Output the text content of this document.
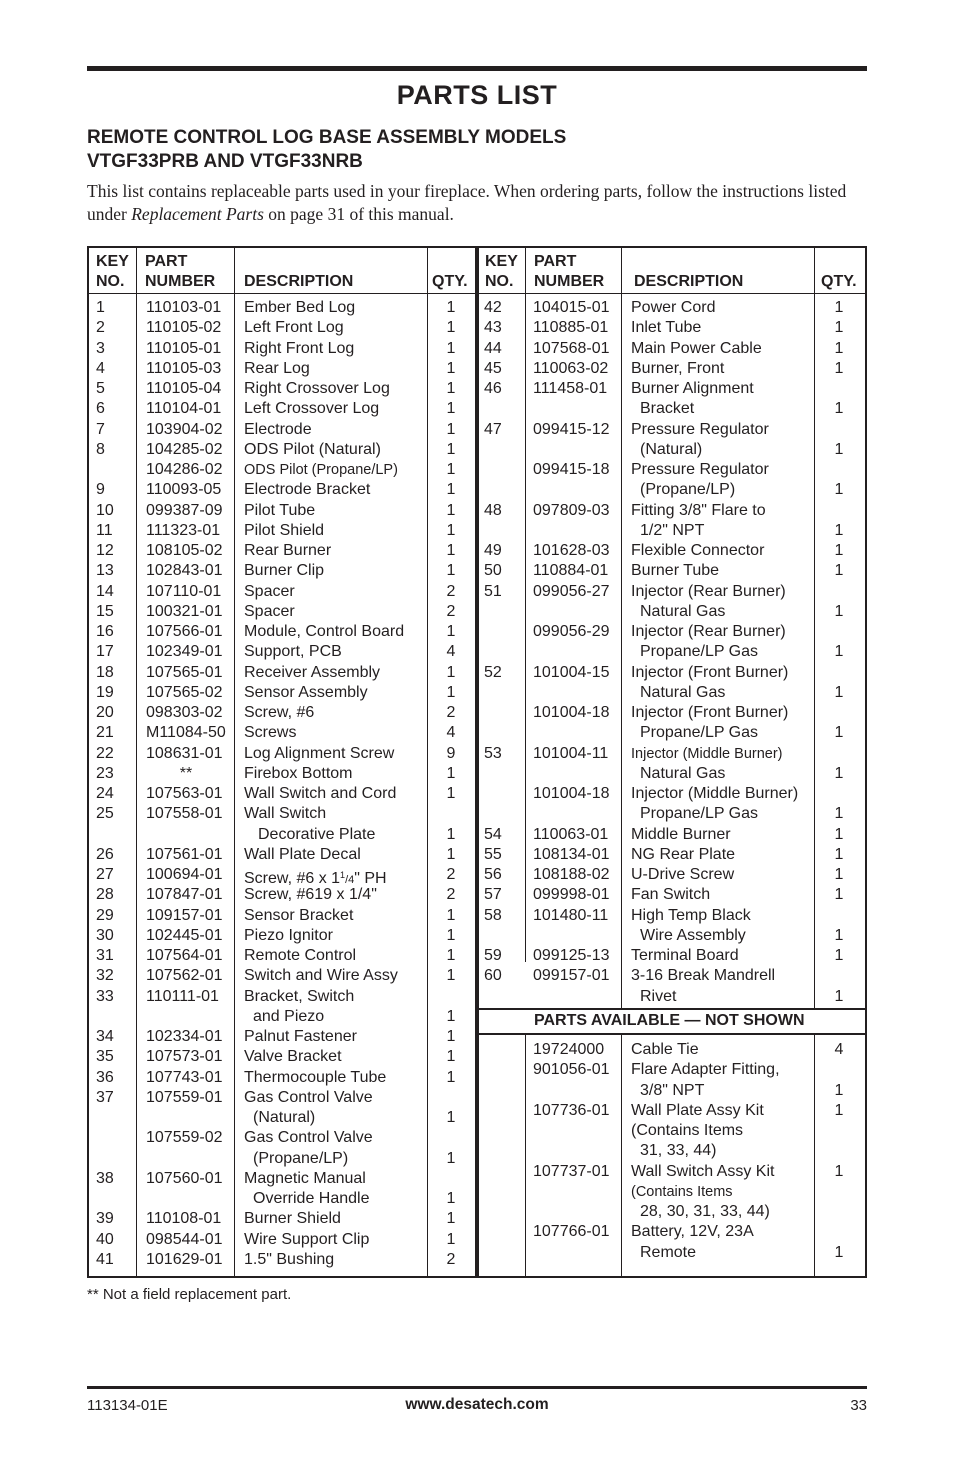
PARTS LIST
REMOTE CONTROL LOG BASE ASSEMBLY MODELS
VTGF33PRB AND VTGF33NRB
This list contains replaceable parts used in your fireplace. When ordering parts, follow the instructions listed under Replacement Parts on page 31 of this manual.
KEY
NO.
PART
NUMBER DESCRIPTION	QTY.
1	110103-01 Ember Bed Log	1
2	110105-02 Left Front Log	1
3	110105-01 Right Front Log	1
4	110105-03 Rear Log	1
5	110105-04 Right Crossover Log	1
6	110104-01 Left Crossover Log	1
7	103904-02 Electrode	1
8	104285-02 ODS Pilot (Natural)	1
104286-02 ODS Pilot (Propane/LP)	1
9	110093-05 Electrode Bracket	1
10 099387-09 Pilot Tube	1
11 111323-01 Pilot Shield	1
12 108105-02 Rear Burner	1
13 102843-01 Burner Clip	1
14 107110-01 Spacer	2
15 100321-01 Spacer	2
16 107566-01 Module, Control Board	1
17 102349-01 Support, PCB	4
18 107565-01 Receiver Assembly	1
19 107565-02 Sensor Assembly	1
20 098303-02 Screw, #6	2
21 M11084-50 Screws	4
22 108631-01 Log Alignment Screw	9
23	**	Firebox Bottom	1
24 107563-01 Wall Switch and Cord	1
25 107558-01 Wall Switch
Decorative Plate	1
26 107561-01 Wall Plate Decal	1
27 100694-01 Screw, #6 x $1^1/4$" PH	2
28 107847-01 Screw, #619 x 1/4"	2
29 109157-01 Sensor Bracket	1
30 102445-01 Piezo Ignitor	1
31 107564-01 Remote Control	1
32 107562-01 Switch and Wire Assy	1
33 110111-01 Bracket, Switch
and Piezo	1
34 102334-01 Palnut Fastener	1
35 107573-01 Valve Bracket	1
36 107743-01 Thermocouple Tube	1
37 107559-01 Gas Control Valve
(Natural)	1
107559-02 Gas Control Valve
(Propane/LP)	1
38 107560-01 Magnetic Manual
Override Handle	1
39 110108-01 Burner Shield	1
40 098544-01 Wire Support Clip	1
41 101629-01 1.5" Bushing	2
PARTS AVAILABLE — NOT SHOWN
KEY
NO.
PART
NUMBER DESCRIPTION	QTY.
42 104015-01 Power Cord	1
43 110885-01 Inlet Tube	1
44 107568-01 Main Power Cable	1
45 110063-02 Burner, Front	1
46 111458-01 Burner Alignment
Bracket	1
47 099415-12 Pressure Regulator
(Natural)	1
099415-18 Pressure Regulator
(Propane/LP)	1
48 097809-03 Fitting 3/8" Flare to
1/2" NPT	1
49 101628-03 Flexible Connector	1
50 110884-01 Burner Tube	1
51 099056-27 Injector (Rear Burner)
Natural Gas	1
099056-29 Injector (Rear Burner)
Propane/LP Gas	1
52 101004-15 Injector (Front Burner)
Natural Gas	1
101004-18 Injector (Front Burner)
Propane/LP Gas	1
53 101004-11 Injector (Middle Burner)
Natural Gas	1
101004-18 Injector (Middle Burner)
Propane/LP Gas	1
54 110063-01 Middle Burner	1
55 108134-01 NG Rear Plate	1
56 108188-02 U-Drive Screw	1
57 099998-01 Fan Switch	1
58 101480-11 High Temp Black
Wire Assembly	1
59 099125-13 Terminal Board	1
60 099157-01 3-16 Break Mandrell
Rivet	1
19724000 Cable Tie	4
901056-01 Flare Adapter Fitting,
3/8" NPT	1
107736-01 Wall Plate Assy Kit	1
(Contains Items
31, 33, 44)
107737-01 Wall Switch Assy Kit	1
(Contains Items
28, 30, 31, 33, 44)
107766-01 Battery, 12V, 23A
Remote	1
** Not a field replacement part.
113134-01E	www.desatech.com	33
